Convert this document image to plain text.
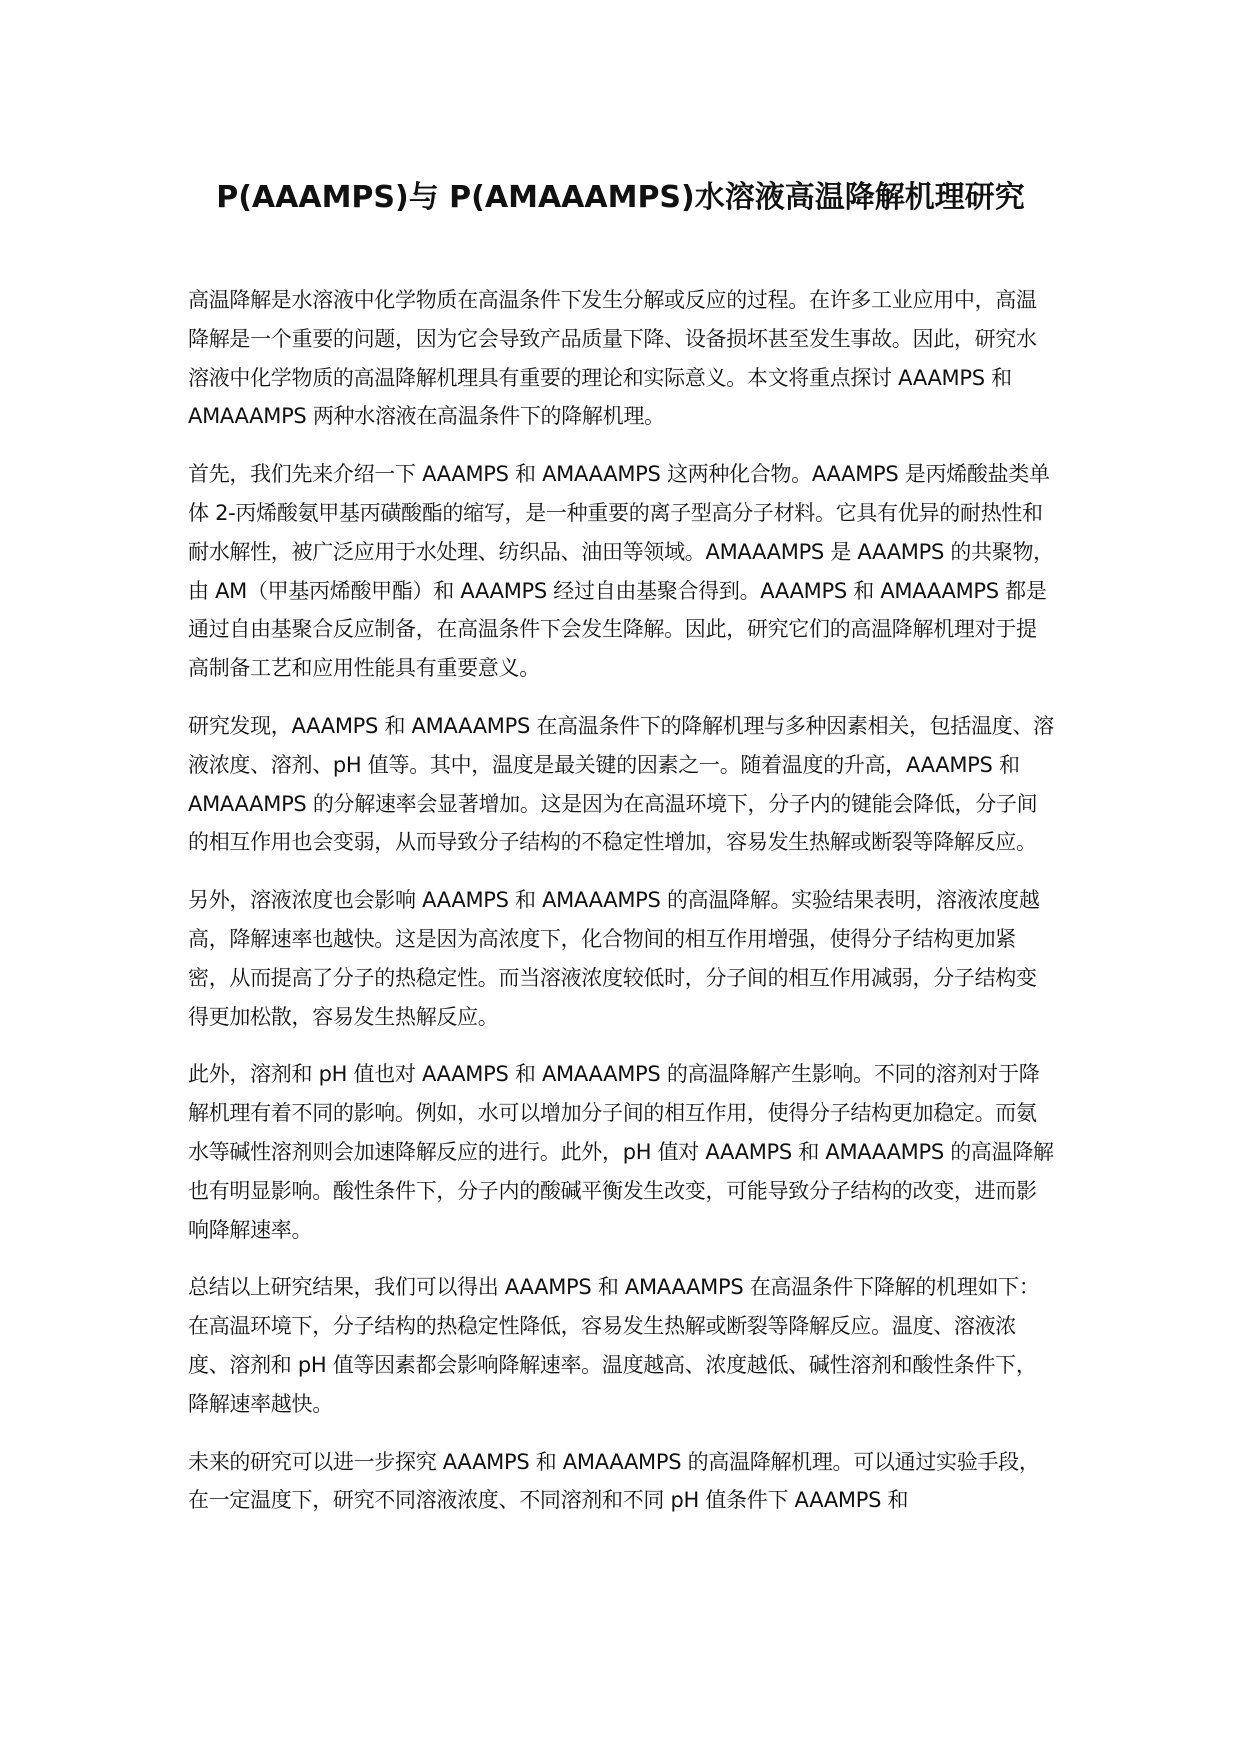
P(AAAMPS)与 P(AMAAAMPS)水溶液高温降解机理研究

高温降解是水溶液中化学物质在高温条件下发生分解或反应的过程。在许多工业应用中，高温降解是一个重要的问题，因为它会导致产品质量下降、设备损坏甚至发生事故。因此，研究水溶液中化学物质的高温降解机理具有重要的理论和实际意义。本文将重点探讨 AAAMPS 和 AMAAAMPS 两种水溶液在高温条件下的降解机理。

首先，我们先来介绍一下 AAAMPS 和 AMAAAMPS 这两种化合物。AAAMPS 是丙烯酸盐类单体 2-丙烯酸氨甲基丙磺酸酯的缩写，是一种重要的离子型高分子材料。它具有优异的耐热性和耐水解性，被广泛应用于水处理、纺织品、油田等领域。AMAAAMPS 是 AAAMPS 的共聚物，由 AM（甲基丙烯酸甲酯）和 AAAMPS 经过自由基聚合得到。AAAMPS 和 AMAAAMPS 都是通过自由基聚合反应制备，在高温条件下会发生降解。因此，研究它们的高温降解机理对于提高制备工艺和应用性能具有重要意义。

研究发现，AAAMPS 和 AMAAAMPS 在高温条件下的降解机理与多种因素相关，包括温度、溶液浓度、溶剂、pH 值等。其中，温度是最关键的因素之一。随着温度的升高，AAAMPS 和 AMAAAMPS 的分解速率会显著增加。这是因为在高温环境下，分子内的键能会降低，分子间的相互作用也会变弱，从而导致分子结构的不稳定性增加，容易发生热解或断裂等降解反应。

另外，溶液浓度也会影响 AAAMPS 和 AMAAAMPS 的高温降解。实验结果表明，溶液浓度越高，降解速率也越快。这是因为高浓度下，化合物间的相互作用增强，使得分子结构更加紧密，从而提高了分子的热稳定性。而当溶液浓度较低时，分子间的相互作用减弱，分子结构变得更加松散，容易发生热解反应。

此外，溶剂和 pH 值也对 AAAMPS 和 AMAAAMPS 的高温降解产生影响。不同的溶剂对于降解机理有着不同的影响。例如，水可以增加分子间的相互作用，使得分子结构更加稳定。而氨水等碱性溶剂则会加速降解反应的进行。此外，pH 值对 AAAMPS 和 AMAAAMPS 的高温降解也有明显影响。酸性条件下，分子内的酸碱平衡发生改变，可能导致分子结构的改变，进而影响降解速率。

总结以上研究结果，我们可以得出 AAAMPS 和 AMAAAMPS 在高温条件下降解的机理如下：在高温环境下，分子结构的热稳定性降低，容易发生热解或断裂等降解反应。温度、溶液浓度、溶剂和 pH 值等因素都会影响降解速率。温度越高、浓度越低、碱性溶剂和酸性条件下，降解速率越快。

未来的研究可以进一步探究 AAAMPS 和 AMAAAMPS 的高温降解机理。可以通过实验手段，在一定温度下，研究不同溶液浓度、不同溶剂和不同 pH 值条件下 AAAMPS 和
